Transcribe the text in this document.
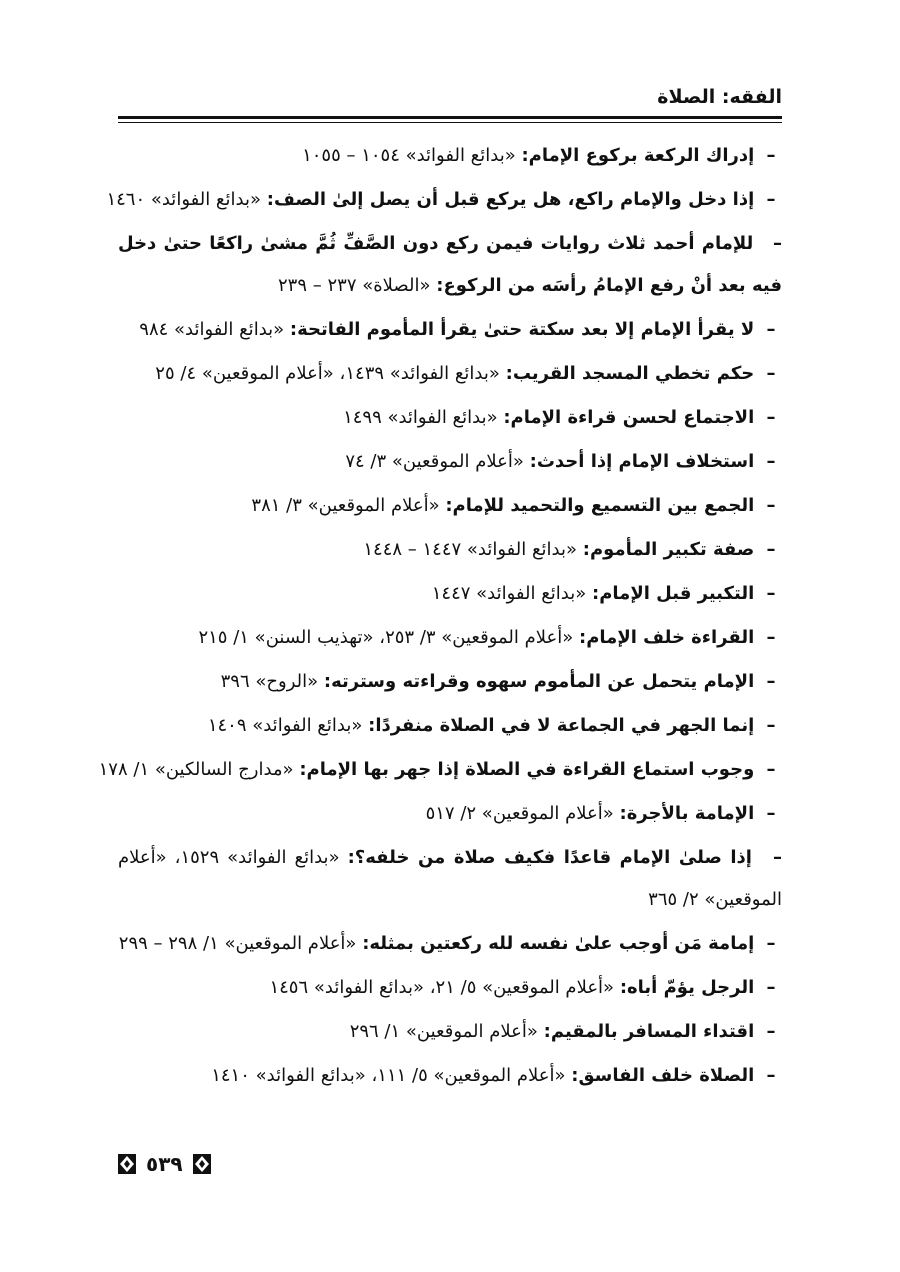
الفقه: الصلاة
– إدراك الركعة بركوع الإمام: «بدائع الفوائد» ١٠٥٤ – ١٠٥٥
– إذا دخل والإمام راكع، هل يركع قبل أن يصل إلىٰ الصف: «بدائع الفوائد» ١٤٦٠
– للإمام أحمد ثلاث روايات فيمن ركع دون الصَّفِّ ثُمَّ مشىٰ راكعًا حتىٰ دخل فيه بعد أنْ رفع الإمامُ رأسَه من الركوع: «الصلاة» ٢٣٧ – ٢٣٩
– لا يقرأ الإمام إلا بعد سكتة حتىٰ يقرأ المأموم الفاتحة: «بدائع الفوائد» ٩٨٤
– حكم تخطي المسجد القريب: «بدائع الفوائد» ١٤٣٩، «أعلام الموقعين» ٤/ ٢٥
– الاجتماع لحسن قراءة الإمام: «بدائع الفوائد» ١٤٩٩
– استخلاف الإمام إذا أحدث: «أعلام الموقعين» ٣/ ٧٤
– الجمع بين التسميع والتحميد للإمام: «أعلام الموقعين» ٣/ ٣٨١
– صفة تكبير المأموم: «بدائع الفوائد» ١٤٤٧ – ١٤٤٨
– التكبير قبل الإمام: «بدائع الفوائد» ١٤٤٧
– القراءة خلف الإمام: «أعلام الموقعين» ٣/ ٢٥٣، «تهذيب السنن» ١/ ٢١٥
– الإمام يتحمل عن المأموم سهوه وقراءته وسترته: «الروح» ٣٩٦
– إنما الجهر في الجماعة لا في الصلاة منفردًا: «بدائع الفوائد» ١٤٠٩
– وجوب استماع القراءة في الصلاة إذا جهر بها الإمام: «مدارج السالكين» ١/ ١٧٨
– الإمامة بالأجرة: «أعلام الموقعين» ٢/ ٥١٧
– إذا صلىٰ الإمام قاعدًا فكيف صلاة من خلفه؟: «بدائع الفوائد» ١٥٢٩، «أعلام الموقعين» ٢/ ٣٦٥
– إمامة مَن أوجب علىٰ نفسه لله ركعتين بمثله: «أعلام الموقعين» ١/ ٢٩٨ – ٢٩٩
– الرجل يؤمّ أباه: «أعلام الموقعين» ٥/ ٢١، «بدائع الفوائد» ١٤٥٦
– اقتداء المسافر بالمقيم: «أعلام الموقعين» ١/ ٢٩٦
– الصلاة خلف الفاسق: «أعلام الموقعين» ٥/ ١١١، «بدائع الفوائد» ١٤١٠
٥٣٩
